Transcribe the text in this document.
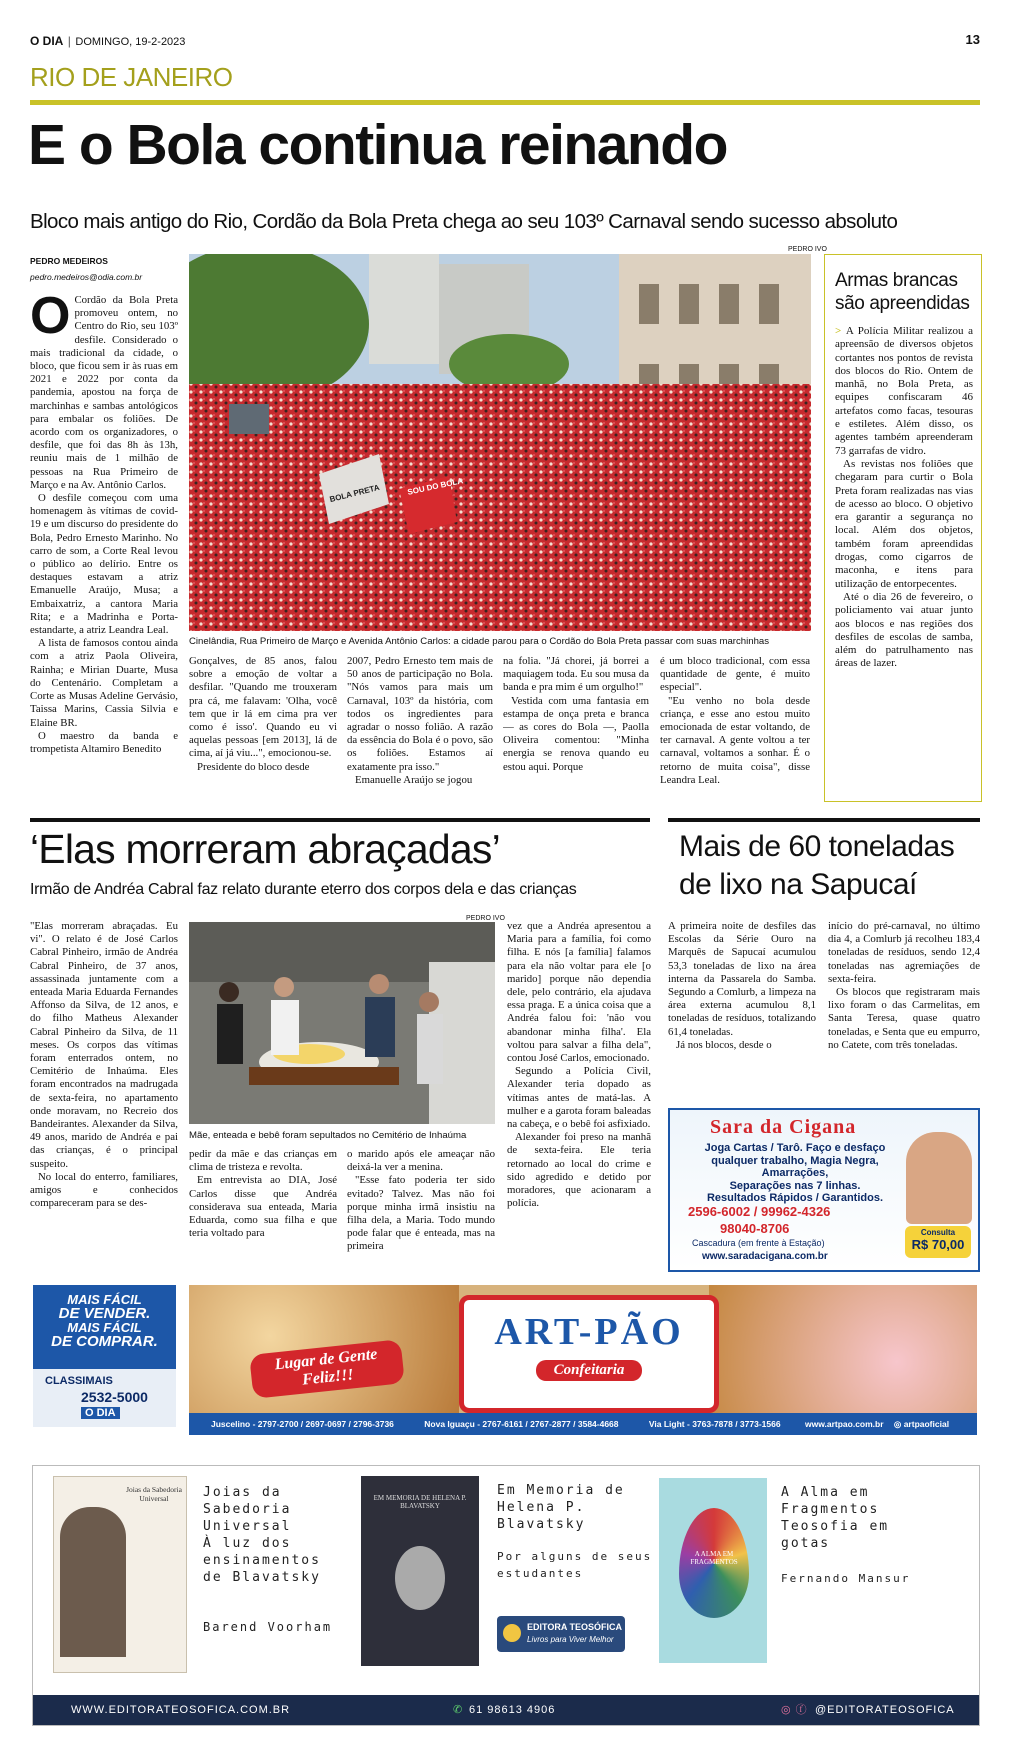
O DIA | DOMINGO, 19-2-2023	13
RIO DE JANEIRO
E o Bola continua reinando
Bloco mais antigo do Rio, Cordão da Bola Preta chega ao seu 103º Carnaval sendo sucesso absoluto
PEDRO MEDEIROS
pedro.medeiros@odia.com.br
O Cordão da Bola Preta promoveu ontem, no Centro do Rio, seu 103º desfile. Considerado o mais tradicional da cidade, o bloco, que ficou sem ir às ruas em 2021 e 2022 por conta da pandemia, apostou na força de marchinhas e sambas antológicos para embalar os foliões. De acordo com os organizadores, o desfile, que foi das 8h às 13h, reuniu mais de 1 milhão de pessoas na Rua Primeiro de Março e na Av. Antônio Carlos.

O desfile começou com uma homenagem às vítimas de covid-19 e um discurso do presidente do Bola, Pedro Ernesto Marinho. No carro de som, a Corte Real levou o público ao delírio. Entre os destaques estavam a atriz Emanuelle Araújo, Musa; a Embaixatriz, a cantora Maria Rita; e a Madrinha e Porta-estandarte, a atriz Leandra Leal.

A lista de famosos contou ainda com a atriz Paola Oliveira, Rainha; e Mirian Duarte, Musa do Centenário. Completam a Corte as Musas Adeline Gervásio, Taissa Marins, Cassia Silvia e Elaine BR.

O maestro da banda e trompetista Altamiro Benedito

PEDRO IVO
SOU DO BOLA
BOLA PRETA
Cinelândia, Rua Primeiro de Março e Avenida Antônio Carlos: a cidade parou para o Cordão do Bola Preta passar com suas marchinhas

Gonçalves, de 85 anos, falou sobre a emoção de voltar a desfilar. "Quando me trouxeram pra cá, me falavam: 'Olha, você tem que ir lá em cima pra ver como é isso'. Quando eu vi aquelas pessoas [em 2013], lá de cima, aí já viu...", emocionou-se.

Presidente do bloco desde

2007, Pedro Ernesto tem mais de 50 anos de participação no Bola. "Nós vamos para mais um Carnaval, 103º da história, com todos os ingredientes para agradar o nosso folião. A razão da essência do Bola é o povo, são os foliões. Estamos aí exatamente pra isso."

Emanuelle Araújo se jogou

na folia. "Já chorei, já borrei a maquiagem toda. Eu sou musa da banda e pra mim é um orgulho!"

Vestida com uma fantasia em estampa de onça preta e branca — as cores do Bola —, Paolla Oliveira comentou: "Minha energia se renova quando eu estou aqui. Porque

é um bloco tradicional, com essa quantidade de gente, é muito especial".

"Eu venho no bola desde criança, e esse ano estou muito emocionada de estar voltando, de ter carnaval. A gente voltou a ter carnaval, voltamos a sonhar. É o retorno de muita coisa", disse Leandra Leal.

Armas brancas são apreendidas

> A Polícia Militar realizou a apreensão de diversos objetos cortantes nos pontos de revista dos blocos do Rio. Ontem de manhã, no Bola Preta, as equipes confiscaram 46 artefatos como facas, tesouras e estiletes. Além disso, os agentes também apreenderam 73 garrafas de vidro.

As revistas nos foliões que chegaram para curtir o Bola Preta foram realizadas nas vias de acesso ao bloco. O objetivo era garantir a segurança no local. Além dos objetos, também foram apreendidas drogas, como cigarros de maconha, e itens para utilização de entorpecentes.

Até o dia 26 de fevereiro, o policiamento vai atuar junto aos blocos e nas regiões dos desfiles de escolas de samba, além do patrulhamento nas áreas de lazer.

‘Elas morreram abraçadas’
Irmão de Andréa Cabral faz relato durante eterro dos corpos dela e das crianças

"Elas morreram abraçadas. Eu vi". O relato é de José Carlos Cabral Pinheiro, irmão de Andréa Cabral Pinheiro, de 37 anos, assassinada juntamente com a enteada Maria Eduarda Fernandes Affonso da Silva, de 12 anos, e do filho Matheus Alexander Cabral Pinheiro da Silva, de 11 meses. Os corpos das vítimas foram enterrados ontem, no Cemitério de Inhaúma. Eles foram encontrados na madrugada de sexta-feira, no apartamento onde moravam, no Recreio dos Bandeirantes. Alexander da Silva, 49 anos, marido de Andréa e pai das crianças, é o principal suspeito.

No local do enterro, familiares, amigos e conhecidos compareceram para se des-

PEDRO IVO
Mãe, enteada e bebê foram sepultados no Cemitério de Inhaúma

pedir da mãe e das crianças em clima de tristeza e revolta.

Em entrevista ao DIA, José Carlos disse que Andréa considerava sua enteada, Maria Eduarda, como sua filha e que teria voltado para

o marido após ele ameaçar não deixá-la ver a menina.

"Esse fato poderia ter sido evitado? Talvez. Mas não foi porque minha irmã insistiu na filha dela, a Maria. Todo mundo pode falar que é enteada, mas na primeira

vez que a Andréa apresentou a Maria para a família, foi como filha. E nós [a família] falamos para ela não voltar para ele [o marido] porque não dependia dele, pelo contrário, ela ajudava essa praga. E a única coisa que a Andréa falou foi: 'não vou abandonar minha filha'. Ela voltou para salvar a filha dela", contou José Carlos, emocionado.

Segundo a Polícia Civil, Alexander teria dopado as vítimas antes de matá-las. A mulher e a garota foram baleadas na cabeça, e o bebê foi asfixiado.

Alexander foi preso na manhã de sexta-feira. Ele teria retornado ao local do crime e sido agredido e detido por moradores, que acionaram a polícia.

Mais de 60 toneladas de lixo na Sapucaí

A primeira noite de desfiles das Escolas da Série Ouro na Marquês de Sapucaí acumulou 53,3 toneladas de lixo na área interna da Passarela do Samba. Segundo a Comlurb, a limpeza na área externa acumulou 8,1 toneladas de resíduos, totalizando 61,4 toneladas.

Já nos blocos, desde o

início do pré-carnaval, no último dia 4, a Comlurb já recolheu 183,4 toneladas de resíduos, sendo 12,4 toneladas nas agremiações de sexta-feira.

Os blocos que registraram mais lixo foram o das Carmelitas, em Santa Teresa, quase quatro toneladas, e Senta que eu empurro, no Catete, com três toneladas.

Sara da Cigana
Joga Cartas / Tarô. Faço e desfaço
qualquer trabalho, Magia Negra, Amarrações,
Separações nas 7 linhas.
Resultados Rápidos / Garantidos.
2596-6002 / 99962-4326
98040-8706
Cascadura (em frente à Estação)
www.saradacigana.com.br
Consulta
R$ 70,00
MAIS FÁCIL
DE VENDER.
MAIS FÁCIL
DE COMPRAR.
CLASSIMAIS
2532-5000
O DIA
Lugar de Gente Feliz!!!
ART-PÃO
Confeitaria
Juscelino - 2797-2700 / 2697-0697 / 2796-3736	Nova Iguaçu - 2767-6161 / 2767-2877 / 3584-4668	Via Light - 3763-7878 / 3773-1566	www.artpao.com.br ◎ artpaoficial
Joias da Sabedoria Universal	Joias da
Sabedoria
Universal
À luz dos
ensinamentos
de Blavatsky
Barend Voorham
EM MEMORIA DE HELENA P. BLAVATSKY
Em Memoria de
Helena P.
Blavatsky
Por alguns de seus
estudantes
EDITORA TEOSÓFICA
Livros para Viver Melhor
A ALMA EM FRAGMENTOS
A Alma em
Fragmentos
Teosofia em
gotas
Fernando Mansur
WWW.EDITORATEOSOFICA.COM.BR	✆ 61 98613 4906	◎ ⓕ @EDITORATEOSOFICA
